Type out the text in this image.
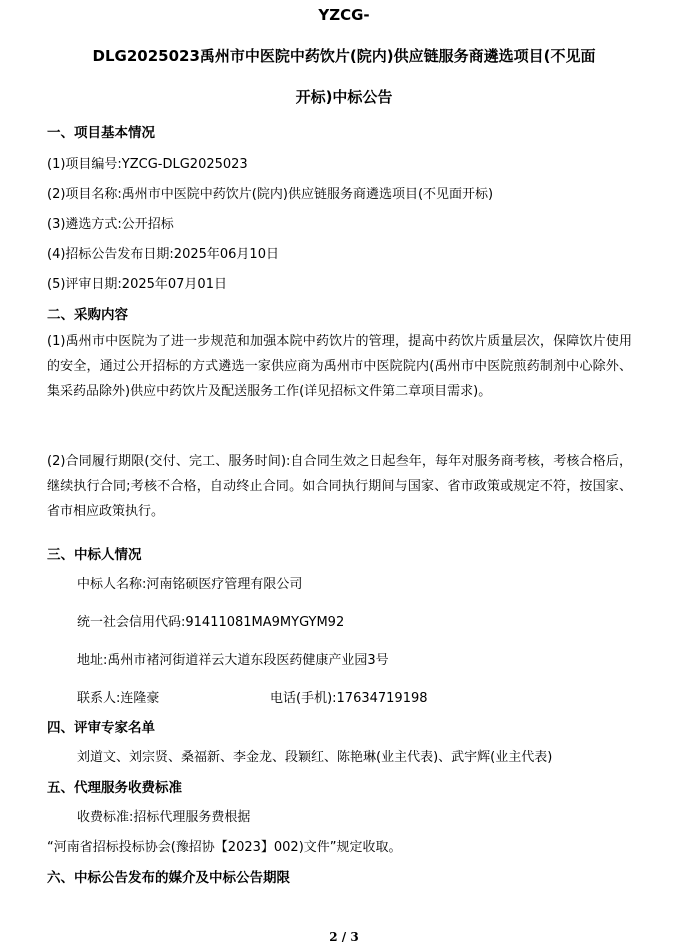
YZCG-
DLG2025023禹州市中医院中药饮片(院内)供应链服务商遴选项目(不见面
开标)中标公告
一、项目基本情况
(1)项目编号:YZCG-DLG2025023
(2)项目名称:禹州市中医院中药饮片(院内)供应链服务商遴选项目(不见面开标)
(3)遴选方式:公开招标
(4)招标公告发布日期:2025年06月10日
(5)评审日期:2025年07月01日
二、采购内容
(1)禹州市中医院为了进一步规范和加强本院中药饮片的管理，提高中药饮片质量层次，保障饮片使用的安全，通过公开招标的方式遴选一家供应商为禹州市中医院院内(禹州市中医院煎药制剂中心除外、集采药品除外)供应中药饮片及配送服务工作(详见招标文件第二章项目需求)。
(2)合同履行期限(交付、完工、服务时间):自合同生效之日起叁年，每年对服务商考核，考核合格后，继续执行合同;考核不合格，自动终止合同。如合同执行期间与国家、省市政策或规定不符，按国家、省市相应政策执行。
三、中标人情况
中标人名称:河南铭硕医疗管理有限公司
统一社会信用代码:91411081MA9MYGYM92
地址:禹州市褚河街道祥云大道东段医药健康产业园3号
联系人:连隆豪	电话(手机):17634719198
四、评审专家名单
刘道文、刘宗贤、桑福新、李金龙、段颖红、陈艳琳(业主代表)、武宇辉(业主代表)
五、代理服务收费标准
收费标准:招标代理服务费根据
“河南省招标投标协会(豫招协【2023】002)文件”规定收取。
六、中标公告发布的媒介及中标公告期限
2 / 3
